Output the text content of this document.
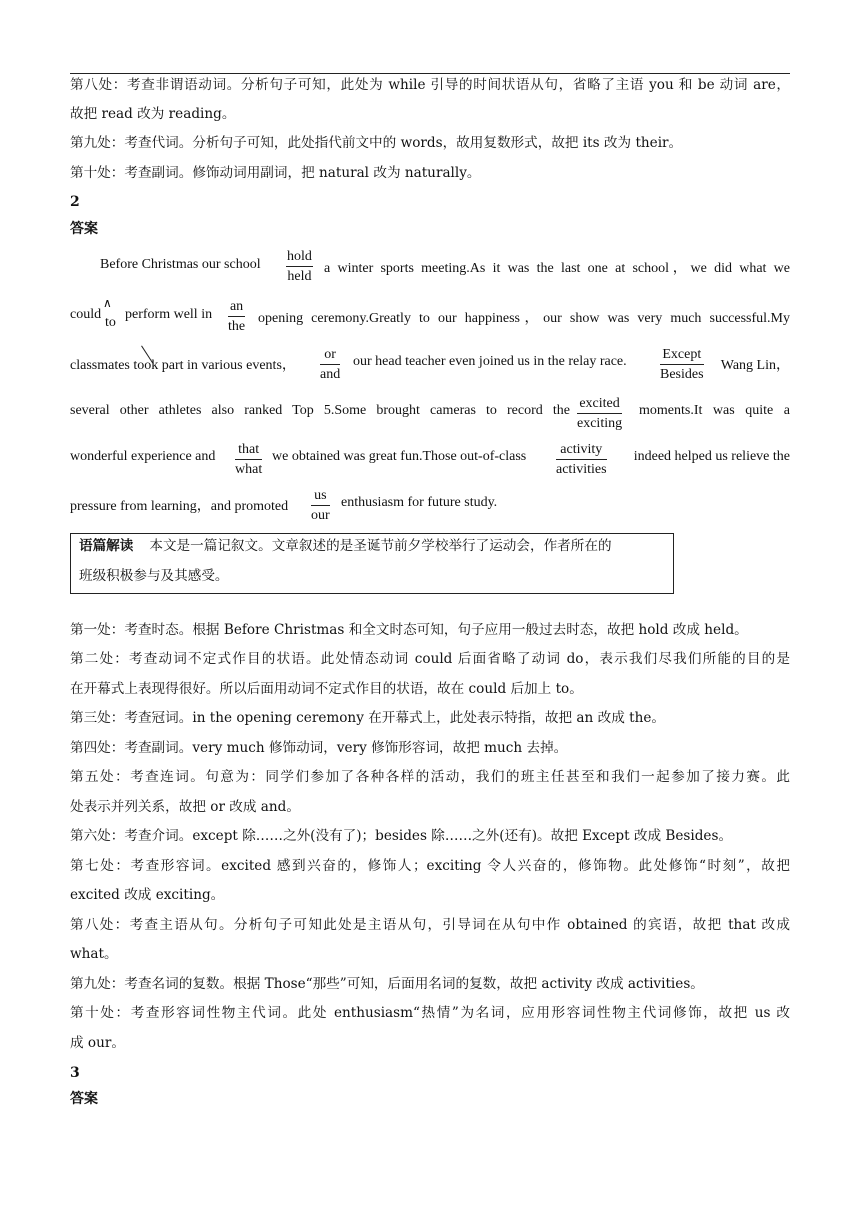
第八处：考查非谓语动词。分析句子可知，此处为 while 引导的时间状语从句，省略了主语 you 和 be 动词 are，
故把 read 改为 reading。
第九处：考查代词。分析句子可知，此处指代前文中的 words，故用复数形式，故把 its 改为 their。
第十处：考查副词。修饰动词用副词，把 natural 改为 naturally。
2
答案
Before Christmas our school
hold
held
a winter sports meeting.As it was the last one at school，we did what we
could
∧
to
perform well in
an
the
opening ceremony.Greatly to our happiness，our show was very much successful.My
classmates took part in various events，
or
and
our head teacher even joined us in the relay race.	Except
Besides
Wang Lin，
several other athletes also ranked Top 5.Some brought cameras to record the excited
exciting
moments.It was quite a
wonderful experience and that
what
we obtained was great fun.Those out-of-class	activity
activities
indeed helped us relieve the
pressure from learning，and promoted
us
our
enthusiasm for future study.
语篇解读 本文是一篇记叙文。文章叙述的是圣诞节前夕学校举行了运动会，作者所在的
班级积极参与及其感受。
第一处：考查时态。根据 Before Christmas 和全文时态可知，句子应用一般过去时态，故把 hold 改成 held。
第二处：考查动词不定式作目的状语。此处情态动词 could 后面省略了动词 do，表示我们尽我们所能的目的是
在开幕式上表现得很好。所以后面用动词不定式作目的状语，故在 could 后加上 to。
第三处：考查冠词。in the opening ceremony 在开幕式上，此处表示特指，故把 an 改成 the。
第四处：考查副词。very much 修饰动词，very 修饰形容词，故把 much 去掉。
第五处：考查连词。句意为：同学们参加了各种各样的活动，我们的班主任甚至和我们一起参加了接力赛。此
处表示并列关系，故把 or 改成 and。
第六处：考查介词。except 除……之外(没有了)；besides 除……之外(还有)。故把 Except 改成 Besides。
第七处：考查形容词。excited 感到兴奋的，修饰人；exciting 令人兴奋的，修饰物。此处修饰“时刻”，故把
excited 改成 exciting。
第八处：考查主语从句。分析句子可知此处是主语从句，引导词在从句中作 obtained 的宾语，故把 that 改成
what。
第九处：考查名词的复数。根据 Those“那些”可知，后面用名词的复数，故把 activity 改成 activities。
第十处：考查形容词性物主代词。此处 enthusiasm“热情”为名词，应用形容词性物主代词修饰，故把 us 改
成 our。
3
答案
